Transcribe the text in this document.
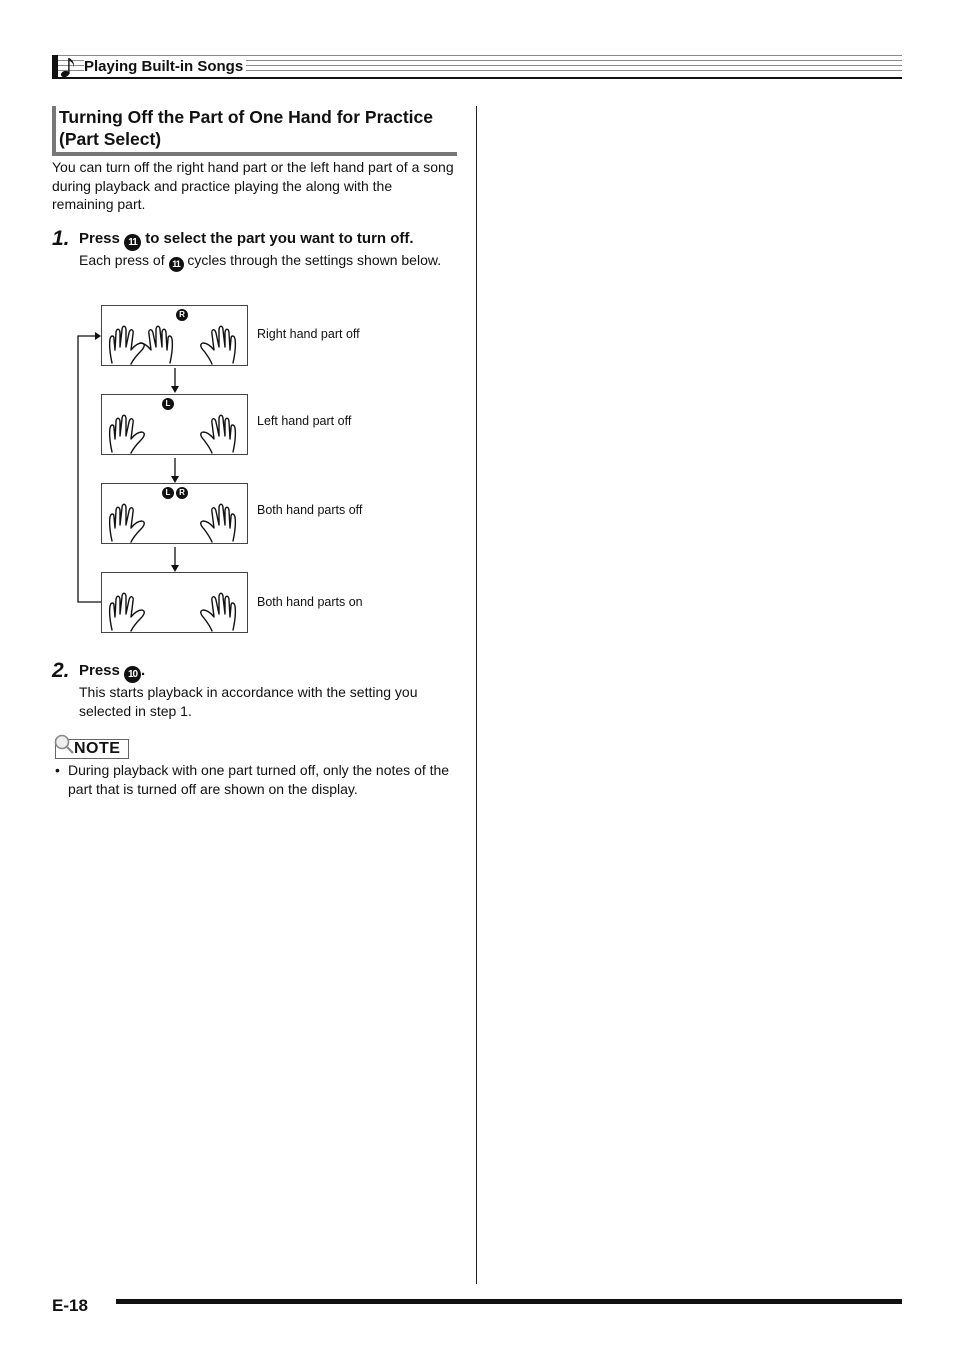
Playing Built-in Songs
Turning Off the Part of One Hand for Practice (Part Select)
You can turn off the right hand part or the left hand part of a song during playback and practice playing the along with the remaining part.
1. Press 11 to select the part you want to turn off.
Each press of 11 cycles through the settings shown below.
R
Right hand part off
L
Left hand part off
L	R
Both hand parts off
Both hand parts on
2. Press 10 .
This starts playback in accordance with the setting you selected in step 1.
NOTE
• During playback with one part turned off, only the notes of the part that is turned off are shown on the display.
E-18
